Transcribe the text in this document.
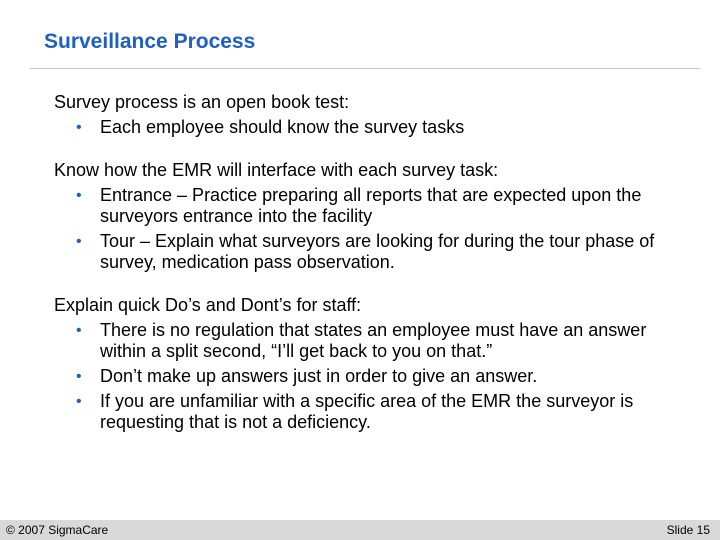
Surveillance Process
Survey process is an open book test:
• Each employee should know the survey tasks
Know how the EMR will interface with each survey task:
• Entrance – Practice preparing all reports that are expected upon the surveyors entrance into the facility
• Tour – Explain what surveyors are looking for during the tour phase of survey, medication pass observation.
Explain quick Do’s and Dont’s for staff:
• There is no regulation that states an employee must have an answer within a split second, “I’ll get back to you on that.”
• Don’t make up answers just in order to give an answer.
• If you are unfamiliar with a specific area of the EMR the surveyor is requesting that is not a deficiency.
© 2007 SigmaCare	Slide 15
